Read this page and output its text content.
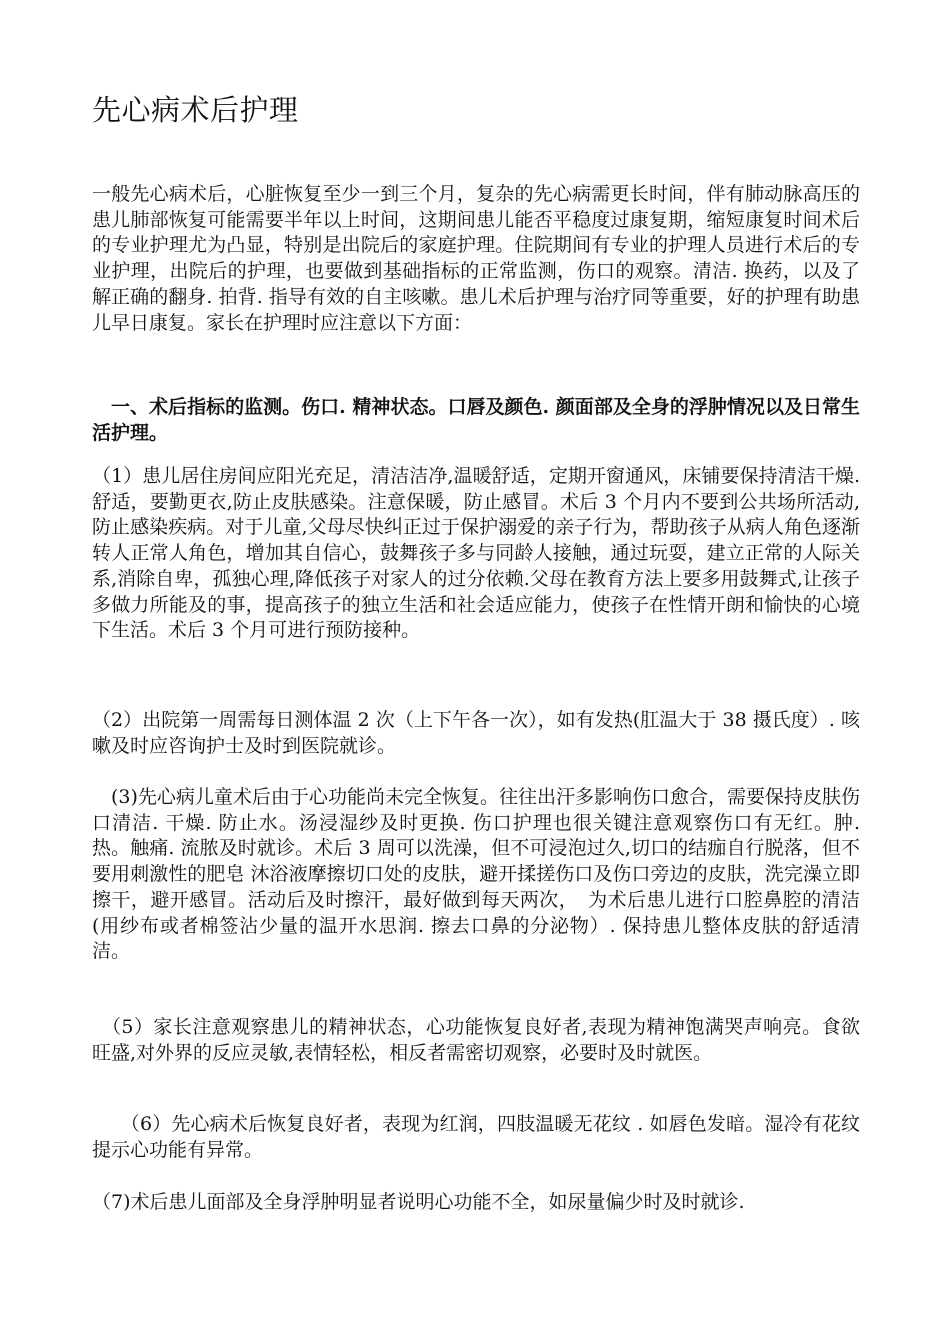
先心病术后护理

一般先心病术后，心脏恢复至少一到三个月，复杂的先心病需更长时间，伴有肺动脉高压的患儿肺部恢复可能需要半年以上时间，这期间患儿能否平稳度过康复期，缩短康复时间术后的专业护理尤为凸显，特别是出院后的家庭护理。住院期间有专业的护理人员进行术后的专业护理，出院后的护理，也要做到基础指标的正常监测，伤口的观察。清洁. 换药，以及了解正确的翻身. 拍背. 指导有效的自主咳嗽。患儿术后护理与治疗同等重要，好的护理有助患儿早日康复。家长在护理时应注意以下方面：

　一、术后指标的监测。伤口. 精神状态。口唇及颜色. 颜面部及全身的浮肿情况以及日常生活护理。

（1）患儿居住房间应阳光充足，清洁洁净,温暖舒适，定期开窗通风，床铺要保持清洁干燥.舒适，要勤更衣,防止皮肤感染。注意保暖，防止感冒。术后 3 个月内不要到公共场所活动,防止感染疾病。对于儿童,父母尽快纠正过于保护溺爱的亲子行为，帮助孩子从病人角色逐渐转人正常人角色，增加其自信心，鼓舞孩子多与同龄人接触，通过玩耍，建立正常的人际关系,消除自卑，孤独心理,降低孩子对家人的过分依赖.父母在教育方法上要多用鼓舞式,让孩子多做力所能及的事，提高孩子的独立生活和社会适应能力，使孩子在性情开朗和愉快的心境下生活。术后 3 个月可进行预防接种。

（2）出院第一周需每日测体温 2 次（上下午各一次），如有发热(肛温大于 38 摄氏度）. 咳嗽及时应咨询护士及时到医院就诊。

　(3)先心病儿童术后由于心功能尚未完全恢复。往往出汗多影响伤口愈合，需要保持皮肤伤口清洁. 干燥. 防止水。汤浸湿纱及时更换. 伤口护理也很关键注意观察伤口有无红。肿. 热。触痛. 流脓及时就诊。术后 3 周可以洗澡，但不可浸泡过久,切口的结痂自行脱落，但不要用刺激性的肥皂 沐浴液摩擦切口处的皮肤，避开揉搓伤口及伤口旁边的皮肤，洗完澡立即擦干，避开感冒。活动后及时擦汗，最好做到每天两次，　为术后患儿进行口腔鼻腔的清洁(用纱布或者棉签沾少量的温开水思润. 擦去口鼻的分泌物）. 保持患儿整体皮肤的舒适清洁。

　（5）家长注意观察患儿的精神状态，心功能恢复良好者,表现为精神饱满哭声响亮。食欲旺盛,对外界的反应灵敏,表情轻松，相反者需密切观察，必要时及时就医。

　　（6）先心病术后恢复良好者，表现为红润，四肢温暖无花纹 . 如唇色发暗。湿冷有花纹提示心功能有异常。

（7)术后患儿面部及全身浮肿明显者说明心功能不全，如尿量偏少时及时就诊.
